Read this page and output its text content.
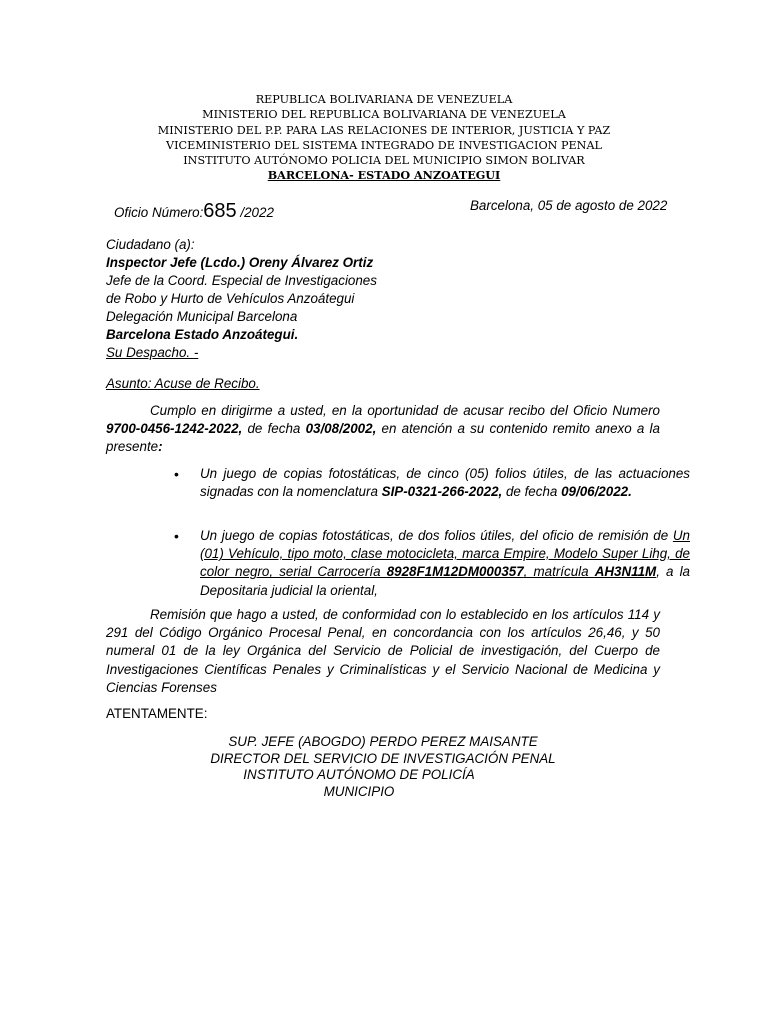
REPUBLICA BOLIVARIANA DE VENEZUELA
MINISTERIO DEL REPUBLICA BOLIVARIANA DE VENEZUELA
MINISTERIO DEL P.P. PARA LAS RELACIONES DE INTERIOR, JUSTICIA Y PAZ
VICEMINISTERIO DEL SISTEMA INTEGRADO DE INVESTIGACION PENAL
INSTITUTO AUTÓNOMO POLICIA DEL MUNICIPIO SIMON BOLIVAR
BARCELONA- ESTADO ANZOATEGUI
Oficio Número:685 /2022	Barcelona, 05 de agosto de 2022
Ciudadano (a):
Inspector Jefe (Lcdo.) Oreny Álvarez Ortiz
Jefe de la Coord. Especial de Investigaciones
de Robo y Hurto de Vehículos Anzoátegui
Delegación Municipal Barcelona
Barcelona Estado Anzoátegui.
Su Despacho. -
Asunto: Acuse de Recibo.
Cumplo en dirigirme a usted, en la oportunidad de acusar recibo del Oficio Numero 9700-0456-1242-2022, de fecha 03/08/2002, en atención a su contenido remito anexo a la presente:
• Un juego de copias fotostáticas, de cinco (05) folios útiles, de las actuaciones signadas con la nomenclatura SIP-0321-266-2022, de fecha 09/06/2022.
• Un juego de copias fotostáticas, de dos folios útiles, del oficio de remisión de Un (01) Vehículo, tipo moto, clase motocicleta, marca Empire, Modelo Super Lihg, de color negro, serial Carrocería 8928F1M12DM000357, matrícula AH3N11M, a la Depositaria judicial la oriental,
Remisión que hago a usted, de conformidad con lo establecido en los artículos 114 y 291 del Código Orgánico Procesal Penal, en concordancia con los artículos 26,46, y 50 numeral 01 de la ley Orgánica del Servicio de Policial de investigación, del Cuerpo de Investigaciones Científicas Penales y Criminalísticas y el Servicio Nacional de Medicina y Ciencias Forenses
ATENTAMENTE:
SUP. JEFE (ABOGDO) PERDO PEREZ MAISANTE
DIRECTOR DEL SERVICIO DE INVESTIGACIÓN PENAL
INSTITUTO AUTÓNOMO DE POLICÍA
MUNICIPIO
